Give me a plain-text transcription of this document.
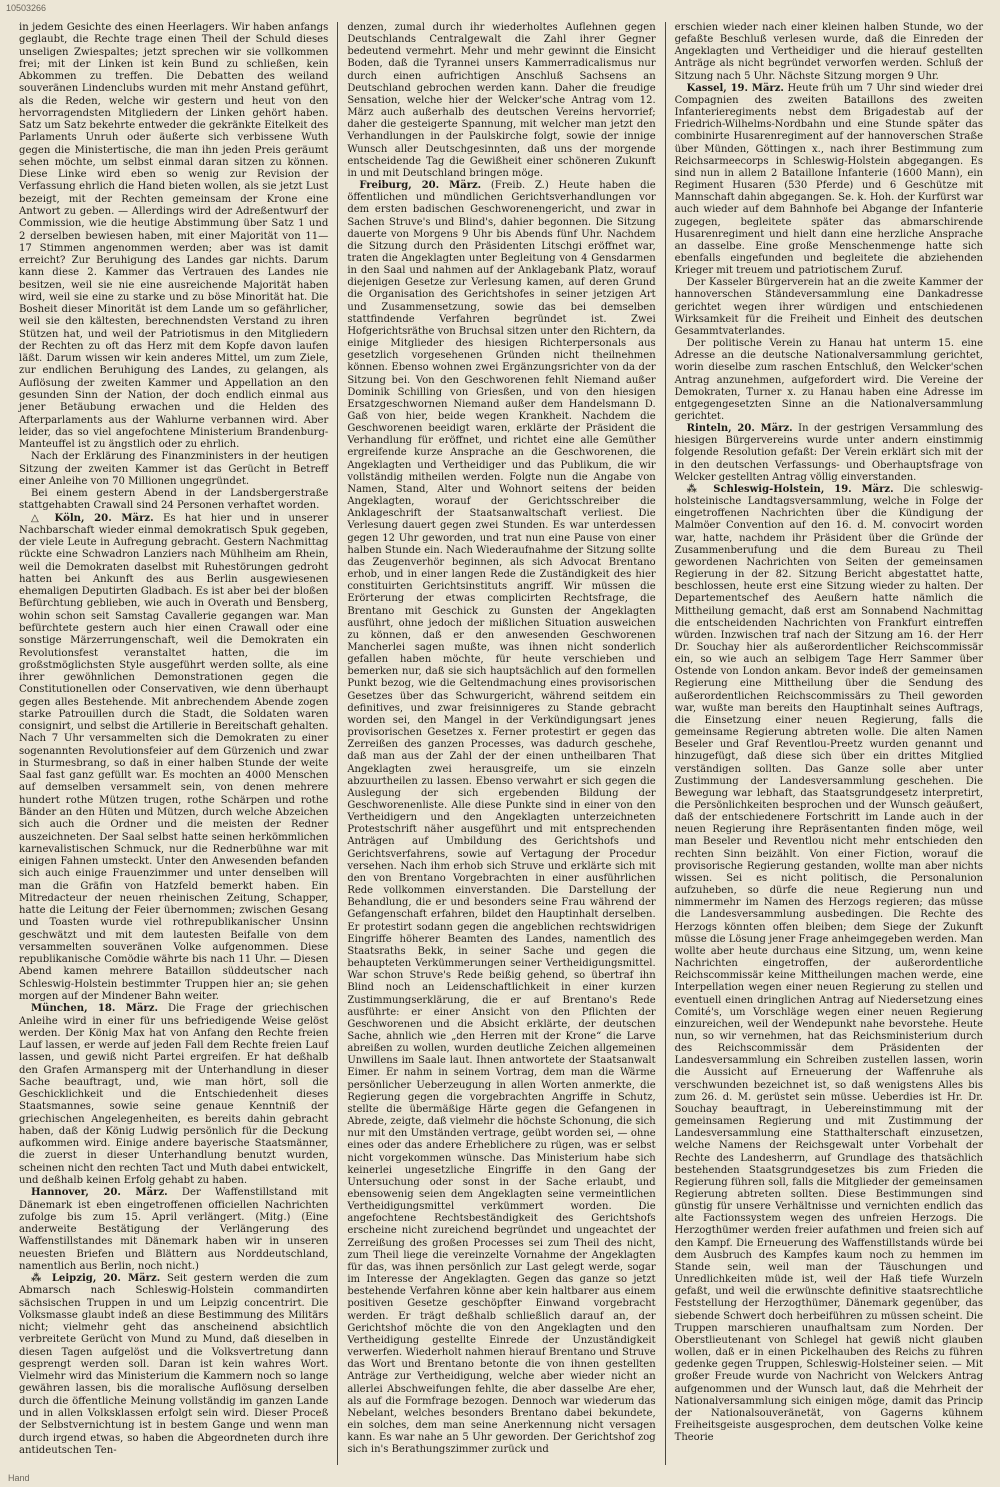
10503266

in jedem Gesichte des einen Heerlagers. Wir haben anfangs geglaubt, die Rechte trage einen Theil der Schuld dieses unseligen Zwiespaltes; jetzt sprechen wir sie vollkommen frei; mit der Linken ist kein Bund zu schließen, kein Abkommen zu treffen. Die Debatten des weiland souveränen Lindenclubs wurden mit mehr Anstand geführt, als die Reden, welche wir gestern und heut von den hervorragendsten Mitgliedern der Linken gehört haben. Satz um Satz bekehrte entweder die gekränkte Eitelkeit des Parlaments Unruh oder äußerte sich verbissene Wuth gegen die Ministertische, die man ihn jeden Preis geräumt sehen möchte, um selbst einmal daran sitzen zu können. Diese Linke wird eben so wenig zur Revision der Verfassung ehrlich die Hand bieten wollen, als sie jetzt Lust bezeigt, mit der Rechten gemeinsam der Krone eine Antwort zu geben. — Allerdings wird der Adreßentwurf der Commission, wie die heutige Abstimmung über Satz 1 und 2 derselben bewiesen haben, mit einer Majorität von 11—17 Stimmen angenommen werden; aber was ist damit erreicht? Zur Beruhigung des Landes gar nichts. Darum kann diese 2. Kammer das Vertrauen des Landes nie besitzen, weil sie nie eine ausreichende Majorität haben wird, weil sie eine zu starke und zu böse Minorität hat. Die Bosheit dieser Minorität ist dem Lande um so gefährlicher, weil sie den kältesten, berechnendsten Verstand zu ihren Stützen hat, und weil der Patriotismus in den Mitgliedern der Rechten zu oft das Herz mit dem Kopfe davon laufen läßt. Darum wissen wir kein anderes Mittel, um zum Ziele, zur endlichen Beruhigung des Landes, zu gelangen, als Auflösung der zweiten Kammer und Appellation an den gesunden Sinn der Nation, der doch endlich einmal aus jener Betäubung erwachen und die Helden des Afterparlaments aus der Wahlurne verbannen wird. Aber leider, das so viel angefochtene Ministerium Brandenburg-Manteuffel ist zu ängstlich oder zu ehrlich.

Nach der Erklärung des Finanzministers in der heutigen Sitzung der zweiten Kammer ist das Gerücht in Betreff einer Anleihe von 70 Millionen ungegründet.

Bei einem gestern Abend in der Landsbergerstraße stattgehabten Crawall sind 24 Personen verhaftet worden.

△ Köln, 20. März. Es hat hier und in unserer Nachbarschaft wieder einmal demokratisch Spuk gegeben, der viele Leute in Aufregung gebracht. Gestern Nachmittag rückte eine Schwadron Lanziers nach Mühlheim am Rhein, weil die Demokraten daselbst mit Ruhestörungen gedroht hatten bei Ankunft des aus Berlin ausgewiesenen ehemaligen Deputirten Gladbach. Es ist aber bei der bloßen Befürchtung geblieben, wie auch in Overath und Bensberg, wohin schon seit Samstag Cavallerie gegangen war. Man befürchtete gestern auch hier einen Crawall oder eine sonstige Märzerrungenschaft, weil die Demokraten ein Revolutionsfest veranstaltet hatten, die im großstmöglichsten Style ausgeführt werden sollte, als eine ihrer gewöhnlichen Demonstrationen gegen die Constitutionellen oder Conservativen, wie denn überhaupt gegen alles Bestehende. Mit anbrechendem Abende zogen starke Patrouillen durch die Stadt, die Soldaten waren consignirt, und selbst die Artillerie in Bereitschaft gehalten. Nach 7 Uhr versammelten sich die Demokraten zu einer sogenannten Revolutionsfeier auf dem Gürzenich und zwar in Sturmesbrang, so daß in einer halben Stunde der weite Saal fast ganz gefüllt war. Es mochten an 4000 Menschen auf demselben versammelt sein, von denen mehrere hundert rothe Mützen trugen, rothe Schärpen und rothe Bänder an den Hüten und Mützen, durch welche Abzeichen sich auch die Ordner und die meisten der Redner auszeichneten. Der Saal selbst hatte seinen herkömmlichen karnevalistischen Schmuck, nur die Rednerbühne war mit einigen Fahnen umsteckt. Unter den Anwesenden befanden sich auch einige Frauenzimmer und unter denselben will man die Gräfin von Hatzfeld bemerkt haben. Ein Mitredacteur der neuen rheinischen Zeitung, Schapper, hatte die Leitung der Feier übernommen; zwischen Gesang und Toasten wurde viel rothrepublikanischer Unsinn geschwätzt und mit dem lautesten Beifalle von dem versammelten souveränen Volke aufgenommen. Diese republikanische Comödie währte bis nach 11 Uhr. — Diesen Abend kamen mehrere Bataillon süddeutscher nach Schleswig-Holstein bestimmter Truppen hier an; sie gehen morgen auf der Mindener Bahn weiter.

München, 18. März. Die Frage der griechischen Anleihe wird in einer für uns befriedigende Weise gelöst werden. Der König Max hat von Anfang den Rechte freien Lauf lassen, er werde auf jeden Fall dem Rechte freien Lauf lassen, und gewiß nicht Partei ergreifen. Er hat deßhalb den Grafen Armansperg mit der Unterhandlung in dieser Sache beauftragt, und, wie man hört, soll die Geschicklichkeit und die Entschiedenheit dieses Staatsmannes, sowie seine genaue Kenntniß der griechischen Angelegenheiten, es bereits dahin gebracht haben, daß der König Ludwig persönlich für die Deckung aufkommen wird. Einige andere bayerische Staatsmänner, die zuerst in dieser Unterhandlung benutzt wurden, scheinen nicht den rechten Tact und Muth dabei entwickelt, und deßhalb keinen Erfolg gehabt zu haben.

Hannover, 20. März. Der Waffenstillstand mit Dänemark ist eben eingetroffenen officiellen Nachrichten zufolge bis zum 15. April verlängert. (Mitg.) (Eine anderweite Bestätigung der Verlängerung des Waffenstillstandes mit Dänemark haben wir in unseren neuesten Briefen und Blättern aus Norddeutschland, namentlich aus Berlin, noch nicht.)

⁂ Leipzig, 20. März. Seit gestern werden die zum Abmarsch nach Schleswig-Holstein commandirten sächsischen Truppen in und um Leipzig concentrirt. Die Volksmasse glaubt indeß an diese Bestimmung des Militärs nicht; vielmehr geht das anscheinend absichtlich verbreitete Gerücht von Mund zu Mund, daß dieselben in diesen Tagen aufgelöst und die Volksvertretung dann gesprengt werden soll. Daran ist kein wahres Wort. Vielmehr wird das Ministerium die Kammern noch so lange gewähren lassen, bis die moralische Auflösung derselben durch die öffentliche Meinung vollständig im ganzen Lande und in allen Volksklassen erfolgt sein wird. Dieser Proceß der Selbstvernichtung ist in bestem Gange und wenn man durch irgend etwas, so haben die Abgeordneten durch ihre antideutschen Ten-

denzen, zumal durch ihr wiederholtes Auflehnen gegen Deutschlands Centralgewalt die Zahl ihrer Gegner bedeutend vermehrt. Mehr und mehr gewinnt die Einsicht Boden, daß die Tyrannei unsers Kammerradicalismus nur durch einen aufrichtigen Anschluß Sachsens an Deutschland gebrochen werden kann. Daher die freudige Sensation, welche hier der Welcker'sche Antrag vom 12. März auch außerhalb des deutschen Vereins hervorrief; daher die gesteigerte Spannung, mit welcher man jetzt den Verhandlungen in der Paulskirche folgt, sowie der innige Wunsch aller Deutschgesinnten, daß uns der morgende entscheidende Tag die Gewißheit einer schöneren Zukunft in und mit Deutschland bringen möge.

Freiburg, 20. März. (Freib. Z.) Heute haben die öffentlichen und mündlichen Gerichtsverhandlungen vor dem ersten badischen Geschworenengericht, und zwar in Sachen Struve's und Blind's, dahier begonnen. Die Sitzung dauerte von Morgens 9 Uhr bis Abends fünf Uhr. Nachdem die Sitzung durch den Präsidenten Litschgi eröffnet war, traten die Angeklagten unter Begleitung von 4 Gensdarmen in den Saal und nahmen auf der Anklagebank Platz, worauf diejenigen Gesetze zur Verlesung kamen, auf deren Grund die Organisation des Gerichtshofes in seiner jetzigen Art und Zusammensetzung, sowie das bei demselben stattfindende Verfahren begründet ist. Zwei Hofgerichtsräthe von Bruchsal sitzen unter den Richtern, da einige Mitglieder des hiesigen Richterpersonals aus gesetzlich vorgesehenen Gründen nicht theilnehmen können. Ebenso wohnen zwei Ergänzungsrichter von da der Sitzung bei. Von den Geschworenen fehlt Niemand außer Dominik Schilling von Griesßen, und von den hiesigen Ersatzgeschwornen Niemand außer dem Handelsmann D. Gaß von hier, beide wegen Krankheit. Nachdem die Geschworenen beeidigt waren, erklärte der Präsident die Verhandlung für eröffnet, und richtet eine alle Gemüther ergreifende kurze Ansprache an die Geschworenen, die Angeklagten und Vertheidiger und das Publikum, die wir vollständig mitheilen werden. Folgte nun die Angabe von Namen, Stand, Alter und Wohnort seitens der beiden Angeklagten, worauf der Gerichtsschreiber die Anklageschrift der Staatsanwaltschaft verliest. Die Verlesung dauert gegen zwei Stunden. Es war unterdessen gegen 12 Uhr geworden, und trat nun eine Pause von einer halben Stunde ein. Nach Wiederaufnahme der Sitzung sollte das Zeugenverhör beginnen, als sich Advocat Brentano erhob, und in einer langen Rede die Zuständigkeit des hier constituirten Gerichtsinstituts angriff. Wir müssen die Erörterung der etwas complicirten Rechtsfrage, die Brentano mit Geschick zu Gunsten der Angeklagten ausführt, ohne jedoch der mißlichen Situation ausweichen zu können, daß er den anwesenden Geschworenen Mancherlei sagen mußte, was ihnen nicht sonderlich gefallen haben möchte, für heute verschieben und bemerken nur, daß sie sich hauptsächlich auf den formellen Punkt bezog, wie die Geltendmachung eines provisorischen Gesetzes über das Schwurgericht, während seitdem ein definitives, und zwar freisinnigeres zu Stande gebracht worden sei, den Mangel in der Verkündigungsart jenes provisorischen Gesetzes x. Ferner protestirt er gegen das Zerreißen des ganzen Processes, was dadurch geschehe, daß man aus der Zahl der der einen untheilbaren That Angeklagten zwei herausgreife, um sie einzeln abzuurtheilen zu lassen. Ebenso verwahrt er sich gegen die Auslegung der sich ergebenden Bildung der Geschworenenliste. Alle diese Punkte sind in einer von den Vertheidigern und den Angeklagten unterzeichneten Protestschrift näher ausgeführt und mit entsprechenden Anträgen auf Umbildung des Gerichtshofs und Gerichtsverfahrens, sowie auf Vertagung der Procedur versehen. Nach ihm erhob sich Struve und erklärte sich mit den von Brentano Vorgebrachten in einer ausführlichen Rede vollkommen einverstanden. Die Darstellung der Behandlung, die er und besonders seine Frau während der Gefangenschaft erfahren, bildet den Hauptinhalt derselben. Er protestirt sodann gegen die angeblichen rechtswidrigen Eingriffe höherer Beamten des Landes, namentlich des Staatsraths Bekk, in seiner Sache und gegen die behaupteten Verkümmerungen seiner Vertheidigungsmittel. War schon Struve's Rede beißig gehend, so übertraf ihn Blind noch an Leidenschaftlichkeit in einer kurzen Zustimmungserklärung, die er auf Brentano's Rede ausführte: er einer Ansicht von den Pflichten der Geschworenen und die Absicht erklärte, der deutschen Sache, ahnlich wie „den Herren mit der Krone“ die Larve abreißen zu wollen, wurden deutliche Zeichen allgemeinen Unwillens im Saale laut. Ihnen antwortete der Staatsanwalt Eimer. Er nahm in seinem Vortrag, dem man die Wärme persönlicher Ueberzeugung in allen Worten anmerkte, die Regierung gegen die vorgebrachten Angriffe in Schutz, stellte die übermäßige Härte gegen die Gefangenen in Abrede, zeigte, daß vielmehr die höchste Schonung, die sich nur mit den Umständen vertrage, geübt worden sei, — ohne eines oder das andere Erheblichere zu rügen, was er selbst nicht vorgekommen wünsche. Das Ministerium habe sich keinerlei ungesetzliche Eingriffe in den Gang der Untersuchung oder sonst in der Sache erlaubt, und ebensowenig seien dem Angeklagten seine vermeintlichen Vertheidigungsmittel verkümmert worden. Die angefochtene Rechtsbeständigkeit des Gerichtshofs erscheine nicht zureichend begründet und ungeachtet der Zerreißung des großen Processes sei zum Theil des nicht, zum Theil liege die vereinzelte Vornahme der Angeklagten für das, was ihnen persönlich zur Last gelegt werde, sogar im Interesse der Angeklagten. Gegen das ganze so jetzt bestehende Verfahren könne aber kein haltbarer aus einem positiven Gesetze geschöpfter Einwand vorgebracht werden. Er trägt deßhalb schließlich darauf an, der Gerichtshof möchte die von den Angeklagten und den Vertheidigung gestellte Einrede der Unzuständigkeit verwerfen. Wiederholt nahmen hierauf Brentano und Struve das Wort und Brentano betonte die von ihnen gestellten Anträge zur Vertheidigung, welche aber wieder nicht an allerlei Abschweifungen fehlte, die aber dasselbe Are eher, als auf die Formfrage bezogen. Dennoch war wiederum das Nebelant, welches besonders Brentano dabei bekundete, ein solches, dem man seine Anerkennung nicht versagen kann. Es war nahe an 5 Uhr geworden. Der Gerichtshof zog sich in's Berathungszimmer zurück und

erschien wieder nach einer kleinen halben Stunde, wo der gefaßte Beschluß verlesen wurde, daß die Einreden der Angeklagten und Vertheidiger und die hierauf gestellten Anträge als nicht begründet verworfen werden. Schluß der Sitzung nach 5 Uhr. Nächste Sitzung morgen 9 Uhr.

Kassel, 19. März. Heute früh um 7 Uhr sind wieder drei Compagnien des zweiten Bataillons des zweiten Infanterieregiments nebst dem Brigadestab auf der Friedrich-Wilhelms-Nordbahn und eine Stunde später das combinirte Husarenregiment auf der hannoverschen Straße über Münden, Göttingen x., nach ihrer Bestimmung zum Reichsarmeecorps in Schleswig-Holstein abgegangen. Es sind nun in allem 2 Bataillone Infanterie (1600 Mann), ein Regiment Husaren (530 Pferde) und 6 Geschütze mit Mannschaft dahin abgegangen. Se. k. Hoh. der Kurfürst war auch wieder auf dem Bahnhofe bei Abgange der Infanterie zugegen, begleitete später das abmarschirende Husarenregiment und hielt dann eine herzliche Ansprache an dasselbe. Eine große Menschenmenge hatte sich ebenfalls eingefunden und begleitete die abziehenden Krieger mit treuem und patriotischem Zuruf.

Der Kasseler Bürgerverein hat an die zweite Kammer der hannoverschen Ständeversammlung eine Dankadresse gerichtet wegen ihrer würdigen und entschiedenen Wirksamkeit für die Freiheit und Einheit des deutschen Gesammtvaterlandes.

Der politische Verein zu Hanau hat unterm 15. eine Adresse an die deutsche Nationalversammlung gerichtet, worin dieselbe zum raschen Entschluß, den Welcker'schen Antrag anzunehmen, aufgefordert wird. Die Vereine der Demokraten, Turner x. zu Hanau haben eine Adresse im entgegengesetzten Sinne an die Nationalversammlung gerichtet.

Rinteln, 20. März. In der gestrigen Versammlung des hiesigen Bürgervereins wurde unter andern einstimmig folgende Resolution gefaßt: Der Verein erklärt sich mit der in den deutschen Verfassungs- und Oberhauptsfrage von Welcker gestellten Antrag völlig einverstanden.

⁂ Schleswig-Holstein, 19. März. Die schleswig-holsteinische Landtagsversammlung, welche in Folge der eingetroffenen Nachrichten über die Kündigung der Malmöer Convention auf den 16. d. M. convocirt worden war, hatte, nachdem ihr Präsident über die Gründe der Zusammenberufung und die dem Bureau zu Theil gewordenen Nachrichten von Seiten der gemeinsamen Regierung in der 82. Sitzung Bericht abgestattet hatte, beschlossen, heute erst eine Sitzung wieder zu halten. Der Departementschef des Aeußern hatte nämlich die Mittheilung gemacht, daß erst am Sonnabend Nachmittag die entscheidenden Nachrichten von Frankfurt eintreffen würden. Inzwischen traf nach der Sitzung am 16. der Herr Dr. Souchay hier als außerordentlicher Reichscommissär ein, so wie auch an selbigem Tage Herr Sammer über Ostende von London ankam. Bevor indeß der gemeinsamen Regierung eine Mittheilung über die Sendung des außerordentlichen Reichscommissärs zu Theil geworden war, wußte man bereits den Hauptinhalt seines Auftrags, die Einsetzung einer neuen Regierung, falls die gemeinsame Regierung abtreten wolle. Die alten Namen Beseler und Graf Reventlou-Preetz wurden genannt und hinzugefügt, daß diese sich über ein drittes Mitglied verständigen sollten. Das Ganze solle aber unter Zustimmung der Landesversammlung geschehen. Die Bewegung war lebhaft, das Staatsgrundgesetz interpretirt, die Persönlichkeiten besprochen und der Wunsch geäußert, daß der entschiedenere Fortschritt im Lande auch in der neuen Regierung ihre Repräsentanten finden möge, weil man Beseler und Reventlou nicht mehr entschieden den rechten Sinn beizählt. Von einer Fiction, worauf die provisorische Regierung gestanden, wollte man aber nichts wissen. Sei es nicht politisch, die Personalunion aufzuheben, so dürfe die neue Regierung nun und nimmermehr im Namen des Herzogs regieren; das müsse die Landesversammlung ausbedingen. Die Rechte des Herzogs könnten offen bleiben; dem Siege der Zukunft müsse die Lösung jener Frage anheimgegeben werden. Man wollte aber heute durchaus eine Sitzung, um, wenn keine Nachrichten eingetroffen, der außerordentliche Reichscommissär keine Mittheilungen machen werde, eine Interpellation wegen einer neuen Regierung zu stellen und eventuell einen dringlichen Antrag auf Niedersetzung eines Comité's, um Vorschläge wegen einer neuen Regierung einzureichen, weil der Wendepunkt nahe bevorstehe. Heute nun, so wir vernehmen, hat das Reichsministerium durch des Reichscommissär dem Präsidenten der Landesversammlung ein Schreiben zustellen lassen, worin die Aussicht auf Erneuerung der Waffenruhe als verschwunden bezeichnet ist, so daß wenigstens Alles bis zum 26. d. M. gerüstet sein müsse. Ueberdies ist Hr. Dr. Souchay beauftragt, in Uebereinstimmung mit der gemeinsamen Regierung und mit Zustimmung der Landesversammlung eine Statthalterschaft einzusetzen, welche Namens der Reichsgewalt unter Vorbehalt der Rechte des Landesherrn, auf Grundlage des thatsächlich bestehenden Staatsgrundgesetzes bis zum Frieden die Regierung führen soll, falls die Mitglieder der gemeinsamen Regierung abtreten sollten. Diese Bestimmungen sind günstig für unsere Verhältnisse und vernichten endlich das alte Factionssystem wegen des unfreien Herzogs. Die Herzogthümer werden freier aufathmen und freien sich auf den Kampf. Die Erneuerung des Waffenstillstands würde bei dem Ausbruch des Kampfes kaum noch zu hemmen im Stande sein, weil man der Täuschungen und Unredlichkeiten müde ist, weil der Haß tiefe Wurzeln gefaßt, und weil die erwünschte definitive staatsrechtliche Feststellung der Herzogthümer, Dänemark gegenüber, das siebende Schwert doch herbeiführen zu müssen scheint. Die Truppen marschieren unaufhaltsam zum Norden. Der Oberstlieutenant von Schlegel hat gewiß nicht glauben wollen, daß er in einen Pickelhauben des Reichs zu führen gedenke gegen Truppen, Schleswig-Holsteiner seien. — Mit großer Freude wurde von Nachricht von Welckers Antrag aufgenommen und der Wunsch laut, daß die Mehrheit der Nationalversammlung sich einigen möge, damit das Princip der Nationalsouveränetät, von Gagerns kühnem Freiheitsgeiste ausgesprochen, dem deutschen Volke keine Theorie

Hand
